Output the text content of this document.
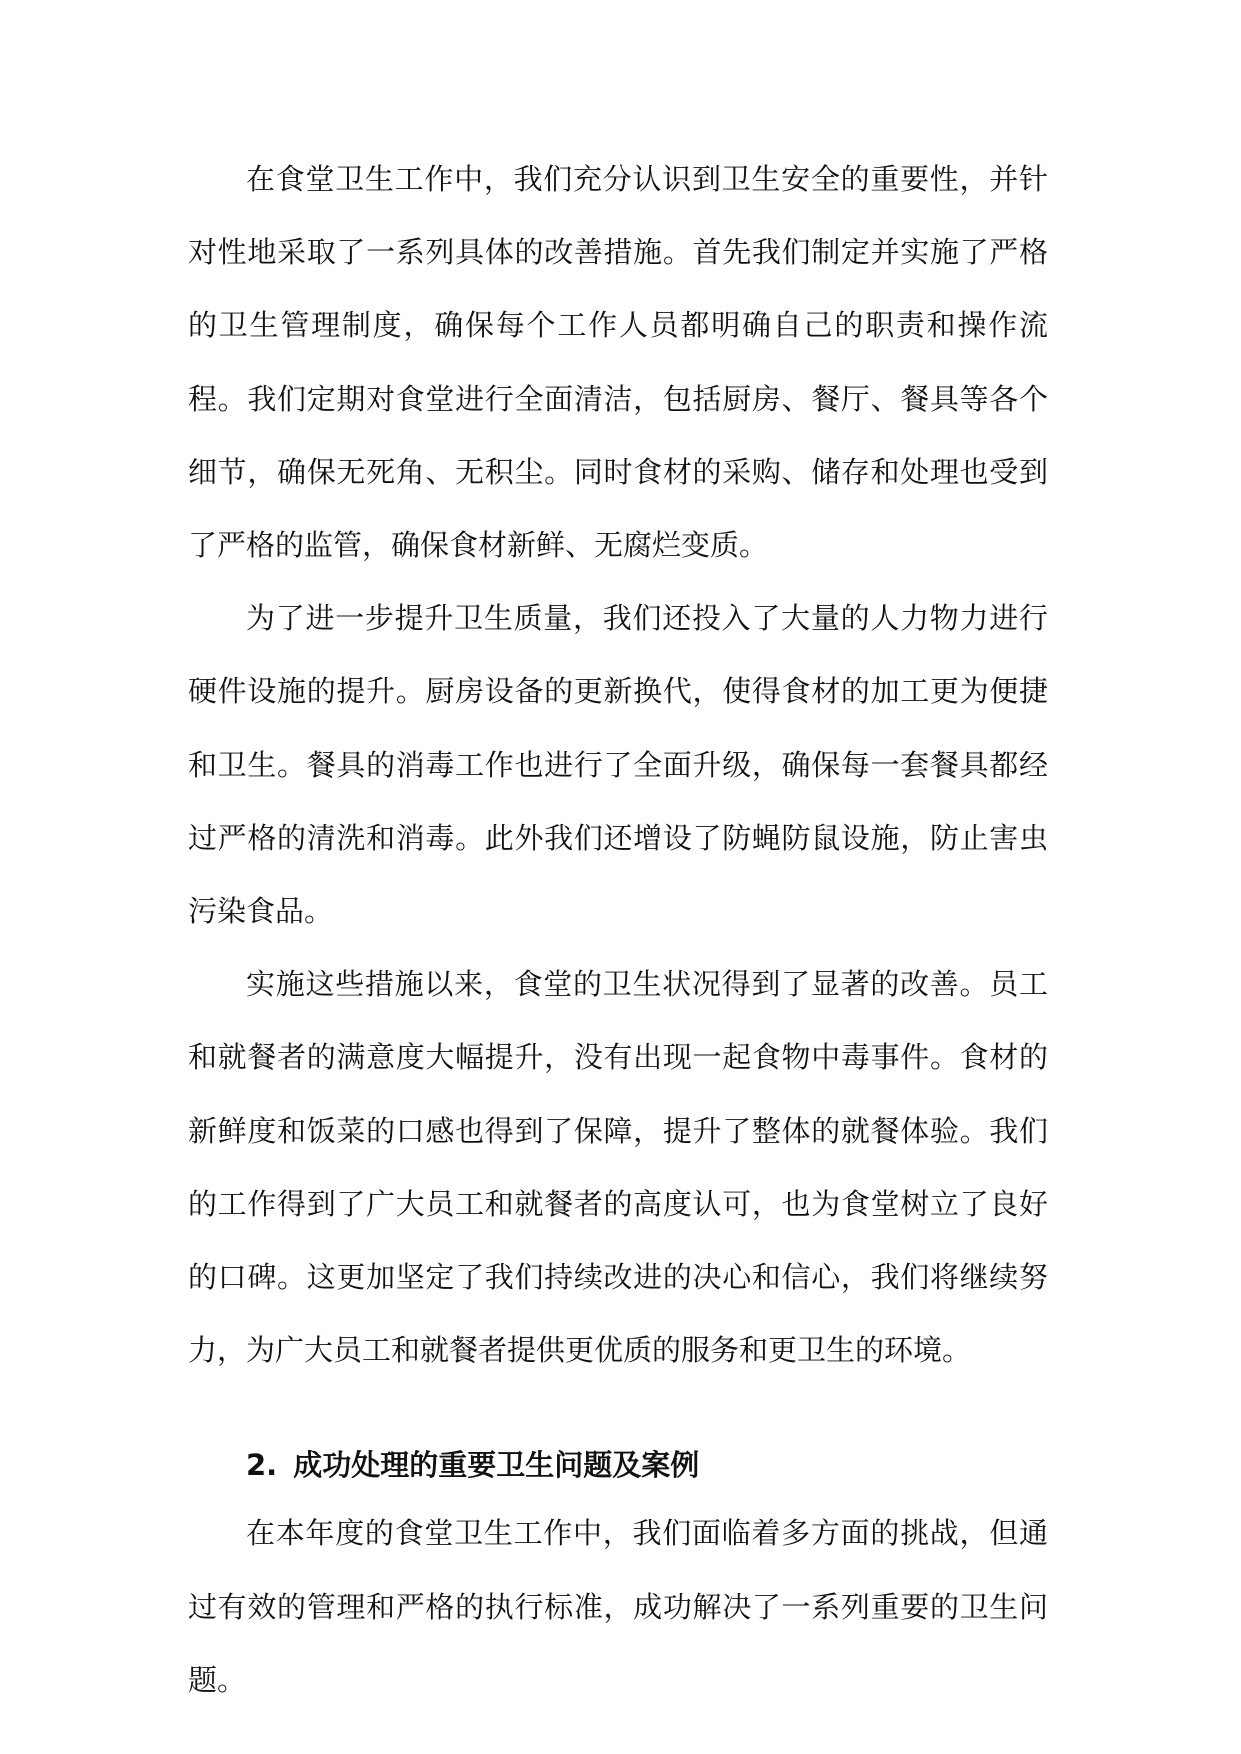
在食堂卫生工作中，我们充分认识到卫生安全的重要性，并针对性地采取了一系列具体的改善措施。首先我们制定并实施了严格的卫生管理制度，确保每个工作人员都明确自己的职责和操作流程。我们定期对食堂进行全面清洁，包括厨房、餐厅、餐具等各个细节，确保无死角、无积尘。同时食材的采购、储存和处理也受到了严格的监管，确保食材新鲜、无腐烂变质。

为了进一步提升卫生质量，我们还投入了大量的人力物力进行硬件设施的提升。厨房设备的更新换代，使得食材的加工更为便捷和卫生。餐具的消毒工作也进行了全面升级，确保每一套餐具都经过严格的清洗和消毒。此外我们还增设了防蝇防鼠设施，防止害虫污染食品。

实施这些措施以来，食堂的卫生状况得到了显著的改善。员工和就餐者的满意度大幅提升，没有出现一起食物中毒事件。食材的新鲜度和饭菜的口感也得到了保障，提升了整体的就餐体验。我们的工作得到了广大员工和就餐者的高度认可，也为食堂树立了良好的口碑。这更加坚定了我们持续改进的决心和信心，我们将继续努力，为广大员工和就餐者提供更优质的服务和更卫生的环境。

2. 成功处理的重要卫生问题及案例

在本年度的食堂卫生工作中，我们面临着多方面的挑战，但通过有效的管理和严格的执行标准，成功解决了一系列重要的卫生问题。
